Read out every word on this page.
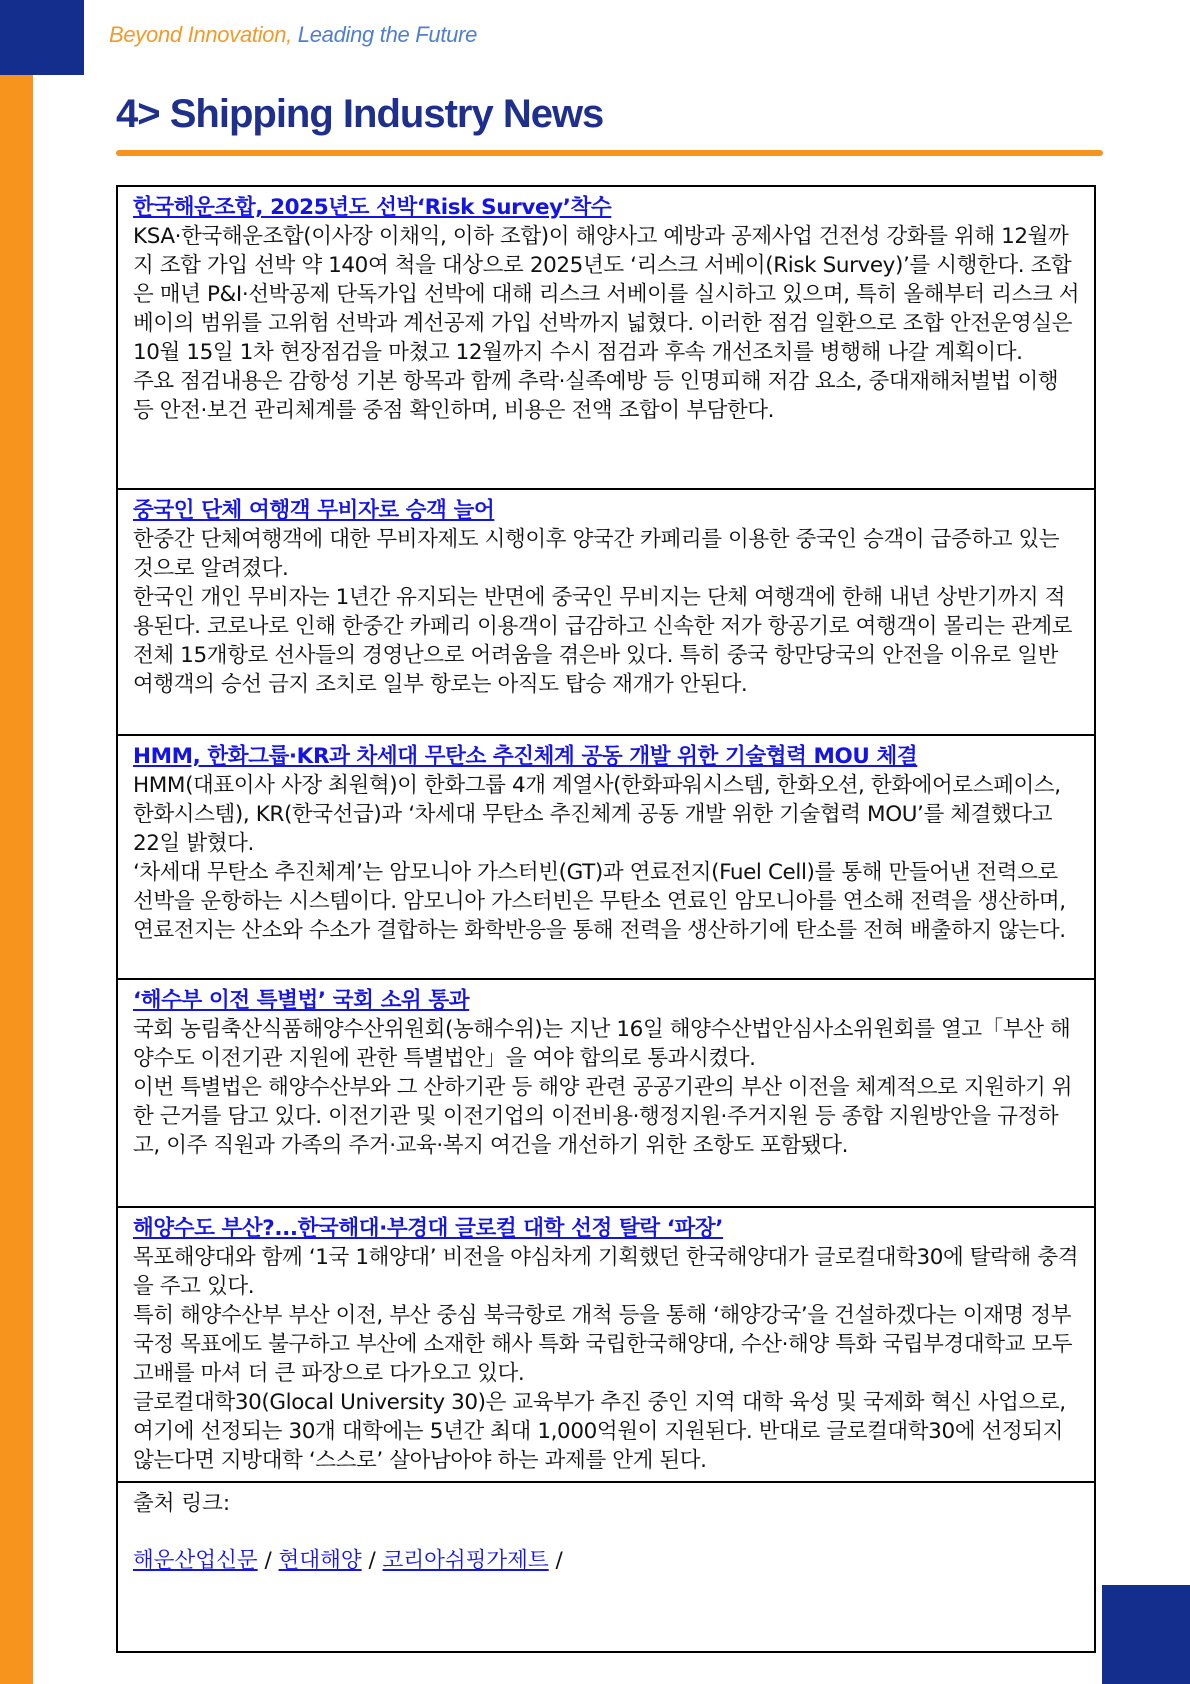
Beyond Innovation, Leading the Future
4> Shipping Industry News
한국해운조합, 2025년도 선박‘Risk Survey’착수

KSA·한국해운조합(이사장 이채익, 이하 조합)이 해양사고 예방과 공제사업 건전성 강화를 위해 12월까지 조합 가입 선박 약 140여 척을 대상으로 2025년도 ‘리스크 서베이(Risk Survey)’를 시행한다. 조합은 매년 P&I·선박공제 단독가입 선박에 대해 리스크 서베이를 실시하고 있으며, 특히 올해부터 리스크 서베이의 범위를 고위험 선박과 계선공제 가입 선박까지 넓혔다. 이러한 점검 일환으로 조합 안전운영실은 10월 15일 1차 현장점검을 마쳤고 12월까지 수시 점검과 후속 개선조치를 병행해 나갈 계획이다.

주요 점검내용은 감항성 기본 항목과 함께 추락·실족예방 등 인명피해 저감 요소, 중대재해처벌법 이행 등 안전·보건 관리체계를 중점 확인하며, 비용은 전액 조합이 부담한다.

중국인 단체 여행객 무비자로 승객 늘어

한중간 단체여행객에 대한 무비자제도 시행이후 양국간 카페리를 이용한 중국인 승객이 급증하고 있는 것으로 알려졌다.

한국인 개인 무비자는 1년간 유지되는 반면에 중국인 무비지는 단체 여행객에 한해 내년 상반기까지 적용된다. 코로나로 인해 한중간 카페리 이용객이 급감하고 신속한 저가 항공기로 여행객이 몰리는 관계로 전체 15개항로 선사들의 경영난으로 어려움을 겪은바 있다. 특히 중국 항만당국의 안전을 이유로 일반 여행객의 승선 금지 조치로 일부 항로는 아직도 탑승 재개가 안된다.

HMM, 한화그룹·KR과 차세대 무탄소 추진체계 공동 개발 위한 기술협력 MOU 체결

HMM(대표이사 사장 최원혁)이 한화그룹 4개 계열사(한화파워시스템, 한화오션, 한화에어로스페이스, 한화시스템), KR(한국선급)과 ‘차세대 무탄소 추진체계 공동 개발 위한 기술협력 MOU’를 체결했다고 22일 밝혔다.

‘차세대 무탄소 추진체계’는 암모니아 가스터빈(GT)과 연료전지(Fuel Cell)를 통해 만들어낸 전력으로 선박을 운항하는 시스템이다. 암모니아 가스터빈은 무탄소 연료인 암모니아를 연소해 전력을 생산하며, 연료전지는 산소와 수소가 결합하는 화학반응을 통해 전력을 생산하기에 탄소를 전혀 배출하지 않는다.

‘해수부 이전 특별법’ 국회 소위 통과

국회 농림축산식품해양수산위원회(농해수위)는 지난 16일 해양수산법안심사소위원회를 열고「부산 해양수도 이전기관 지원에 관한 특별법안」을 여야 합의로 통과시켰다.

이번 특별법은 해양수산부와 그 산하기관 등 해양 관련 공공기관의 부산 이전을 체계적으로 지원하기 위한 근거를 담고 있다. 이전기관 및 이전기업의 이전비용·행정지원·주거지원 등 종합 지원방안을 규정하고, 이주 직원과 가족의 주거·교육·복지 여건을 개선하기 위한 조항도 포함됐다.

해양수도 부산?...한국해대·부경대 글로컬 대학 선정 탈락 ‘파장’

목포해양대와 함께 ‘1국 1해양대’ 비전을 야심차게 기획했던 한국해양대가 글로컬대학30에 탈락해 충격을 주고 있다.

특히 해양수산부 부산 이전, 부산 중심 북극항로 개척 등을 통해 ‘해양강국’을 건설하겠다는 이재명 정부 국정 목표에도 불구하고 부산에 소재한 해사 특화 국립한국해양대, 수산·해양 특화 국립부경대학교 모두 고배를 마셔 더 큰 파장으로 다가오고 있다.

글로컬대학30(Glocal University 30)은 교육부가 추진 중인 지역 대학 육성 및 국제화 혁신 사업으로, 여기에 선정되는 30개 대학에는 5년간 최대 1,000억원이 지원된다. 반대로 글로컬대학30에 선정되지 않는다면 지방대학 ‘스스로’ 살아남아야 하는 과제를 안게 된다.

출처 링크:
해운산업신문 / 현대해양 / 코리아쉬핑가제트 /
